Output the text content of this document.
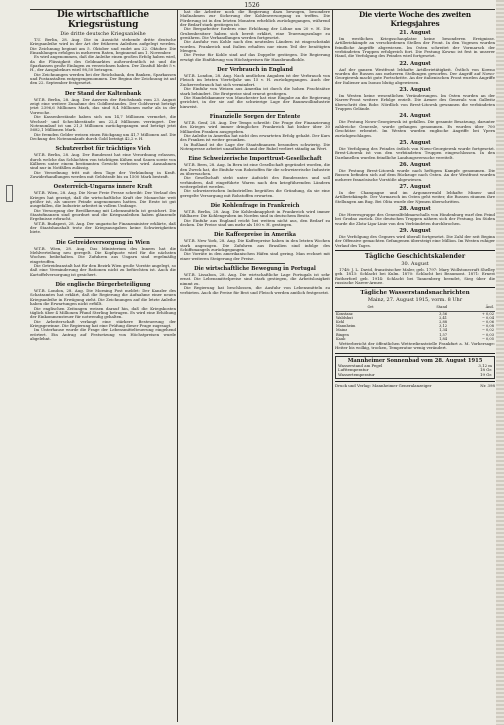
1526
Die wirtschaftliche Kriegsrüstung
Die dritte deutsche Kriegsanleihe

T.U. Berlin, 28. Aug. Die in Aussicht stehende dritte deutsche Kriegsanleihe wird in der Art der früheren Anleihen aufgelegt werden. Die Zeichnung beginnt am 5. Oktober und endet am 22. Oktober. Die Einzahlungen erfolgen in mehreren Raten, beginnend am 1. November.

Es wird angenommen, daß die Anleihe einen großen Erfolg haben wird, da die Flüssigkeit des Geldmarktes außerordentlich ist und die Sparkassen große Einlagen zu verzeichnen haben. Der Zinsfuß bleibt 5 v. H., der Ausgabekurs wird 98,50 betragen.

Die Zeichnungen werden bei der Reichsbank, den Banken, Sparkassen und Postanstalten entgegengenommen. Der Beginn der Zeichnung ist auf den 22. September festgesetzt.

Der Stand der Kaltenbank

W.T.B. Berlin, 28. Aug. Der Ausweis der Reichsbank vom 23. August zeigt eine weitere Zunahme des Goldbestandes. Der Goldvorrat beträgt jetzt 2396,6 Millionen Mark, das sind 8,4 Millionen mehr als in der Vorwoche.

Die Kassenbestände haben sich um 14,7 Millionen vermehrt, die Wechsel- und Scheckbestände um 22,4 Millionen verringert. Der Notenumlauf ist um 21,3 Millionen zurückgegangen und beträgt jetzt 5682,1 Millionen Mark.

Die fremden Gelder weisen einen Rückgang um 41,7 Millionen auf. Die Deckung des Notenumlaufs durch Gold beträgt 42,2 v. H.

Schutzverbot für trächtiges Vieh

W.T.B. Berlin, 28. Aug. Der Bundesrat hat eine Verordnung erlassen, durch welche das Schlachten von trächtigen Kühen und Sauen sowie von Kälbern unter einem bestimmten Gewicht verboten wird. Ausnahmen sind nur in Notfällen zulässig.

Die Verordnung tritt mit dem Tage der Verkündung in Kraft. Zuwiderhandlungen werden mit Geldstrafe bis zu 1500 Mark bestraft.

Oesterreich-Ungarns innere Kraft

W.T.B. Wien, 28. Aug. Die Neue Freie Presse schreibt: Der Verlauf des Krieges hat gezeigt, daß die wirtschaftliche Kraft der Monarchie weit größer ist, als unsere Feinde angenommen hatten. Die Ernte ist gut ausgefallen, die Industrie arbeitet in vollem Umfange.

Die Versorgung der Bevölkerung mit Lebensmitteln ist gesichert. Die Staatsfinanzen sind geordnet und die Kriegsanleihen haben glänzende Ergebnisse erbracht.

W.T.B. Budapest, 28. Aug. Der ungarische Finanzminister erklärte, daß der Staatshaushalt trotz der Kriegsausgaben keine Schwierigkeiten biete.

Die Getreideversorgung in Wien

W.T.B. Wien, 28. Aug. Das Ministerium des Innern hat die Mehlverteilung neu geregelt. Die Kopfquote wird für die nächsten Wochen beibehalten. Die Zufuhren aus Ungarn sind regelmäßig eingetroffen.

Die Getreideanstalt hat für den Bezirk Wien große Vorräte angelegt, so daß eine Verminderung der Rationen nicht zu befürchten ist. Auch die Kartoffelversorgung ist gesichert.

Die englische Bürgerbeteiligung

W.T.B. London, 28. Aug. Die Morning Post meldet: Der Kanzler des Schatzamtes hat erklärt, daß die Regierung die Aufnahme einer neuen Kriegsanleihe in Erwägung zieht. Die Zeichnungen auf die letzte Anleihe haben die Erwartungen nicht erfüllt.

Die englischen Zeitungen weisen darauf hin, daß die Kriegskosten täglich über 4 Millionen Pfund Sterling betragen. Es wird eine Erhöhung der Einkommensteuer für notwendig gehalten.

Die Arbeiterschaft verlangt eine stärkere Besteuerung der Kriegsgewinne. Die Regierung hat eine Prüfung dieser Frage zugesagt.

Im Unterhause wurde die Frage der Lebensmittelteuerung eingehend erörtert. Ein Antrag auf Festsetzung von Höchstpreisen wurde abgelehnt.

hat die Arbeiter noch die Regierung dazu bewogen, besondere Maßnahmen zur Sicherung der Kohlenversorgung zu treffen. Die Förderung ist in den letzten Monaten erheblich zurückgegangen, während der Bedarf stark gestiegen ist.

Die Bergarbeiter fordern eine Erhöhung der Löhne um 20 v. H. Die Grubenbesitzer haben sich bereit erklärt, eine Teuerungszulage zu gewähren. Die Verhandlungen werden fortgesetzt.

Die Ausfuhr von Kohle nach den neutralen Ländern ist eingeschränkt worden. Frankreich und Italien erhalten nur einen Teil der benötigten Mengen.

Die Preise für Kohle sind auf das Doppelte gestiegen. Die Regierung erwägt die Einführung von Höchstpreisen für Hausbrandkohle.

Der Verbrauch in England

W.T.B. London, 28. Aug. Nach amtlichen Angaben ist der Verbrauch von Fleisch im letzten Vierteljahr um 15 v. H. zurückgegangen. Auch der Zuckerverbrauch hat sich vermindert.

Die Einfuhr von Weizen aus Amerika ist durch die hohen Frachtsätze stark behindert. Die Brotpreise sind erneut gestiegen.

Die Handelskammer von Manchester hat eine Eingabe an die Regierung gerichtet, in der sie auf die schwierige Lage der Baumwollindustrie hinweist.

Finanzielle Sorgen der Entente

W.T.B. Genf, 28. Aug. Der Temps schreibt: Die Frage der Finanzierung des Krieges wird immer dringlicher. Frankreich hat bisher über 30 Milliarden Franken ausgegeben.

Die Anleihe in Amerika hat nicht den erwarteten Erfolg gehabt. Der Kurs des Franken ist weiter gesunken.

In Rußland ist die Lage der Staatsfinanzen besonders schwierig. Die Notenpresse arbeitet unaufhörlich und der Rubel verliert ständig an Wert.

Eine Schweizerische Importtrust-Gesellschaft

W.T.B. Bern, 28. Aug. In Bern ist eine Gesellschaft gegründet worden, die den Zweck hat, die Einfuhr von Rohstoffen für die schweizerische Industrie zu überwachen.

Die Gesellschaft steht unter Aufsicht des Bundesrates und soll verhindern, daß eingeführte Waren nach den kriegführenden Ländern weitergeleitet werden.

Die schweizerischen Industriellen begrüßen die Gründung, da sie eine geregelte Versorgung mit Rohstoffen erwarten.

Die Kohlenfrage in Frankreich

W.T.B. Berlin, 28. Aug. Die Kohlenknappheit in Frankreich wird immer fühlbarer. Die Kohlengruben im Norden sind in deutschem Besitz.

Die Einfuhr aus England reicht bei weitem nicht aus, den Bedarf zu decken. Die Preise sind um mehr als 100 v. H. gestiegen.

Die Kaffeepreise in Amerika

W.T.B. New York, 28. Aug. Die Kaffeepreise haben in den letzten Wochen stark angezogen. Die Zufuhren aus Brasilien sind infolge des Schiffsmangels zurückgegangen.

Die Vorräte in den amerikanischen Häfen sind gering. Man rechnet mit einer weiteren Steigerung der Preise.

Die wirtschaftliche Bewegung in Portugal

W.T.B. Lissabon, 28. Aug. Die wirtschaftliche Lage Portugals ist sehr ernst. Die Lebensmittelpreise sind stark gestiegen, die Arbeitslosigkeit nimmt zu.

Die Regierung hat beschlossen, die Ausfuhr von Lebensmitteln zu verbieten. Auch die Preise für Brot und Fleisch werden amtlich festgesetzt.

Die vierte Woche des zweiten Kriegsjahres
21. August

Im westlichen Kriegsschauplatze keine besonderen Ereignisse. Artilleriekämpfe an verschiedenen Stellen der Front. In den Vogesen wurden feindliche Angriffe abgewiesen. Im Osten schreitet der Vormarsch der verbündeten Truppen erfolgreich fort. Die Festung Kowno ist fest in unserer Hand, die Verfolgung des Feindes wird fortgesetzt.

22. August

Auf der ganzen Westfront lebhafte Artillerietätigkeit. Östlich von Kowno wurden die Russen aus mehreren Stellungen geworfen. Der Angriff auf Nowo-Georgiewsk macht gute Fortschritte. An der italienischen Front wurden Angriffe der Italiener am Isonzo blutig abgewiesen.

23. August

Im Westen keine wesentlichen Veränderungen. Im Osten wurden an der Narew-Front weitere Erfolge erzielt. Die Armee des Generals von Gallwitz überschritt den Bobr. Nördlich von Brest-Litowsk gewannen die verbündeten Truppen Gelände.

24. August

Die Festung Nowo-Georgiewsk ist gefallen. Die gesamte Besatzung, darunter zahlreiche Generale, wurde gefangen genommen. Es wurden über 700 Geschütze erbeutet. Im Westen wurden englische Angriffe bei Ypern zurückgeschlagen.

25. August

Die Verfolgung des Feindes östlich von Nowo-Georgiewsk wurde fortgesetzt. Brest-Litowsk ist von den verbündeten Truppen eingeschlossen. In den Dardanellen wurden feindliche Landungsversuche vereitelt.

26. August

Die Festung Brest-Litowsk wurde nach heftigem Kampfe genommen. Die Russen befinden sich auf dem Rückzuge nach Osten. An der Westfront wurden mehrere französische Vorstöße abgewiesen.

27. August

In der Champagne und im Argonnerwald lebhafte Minen- und Artilleriekämpfe. Der Vormarsch im Osten geht weiter, die Russen räumen ihre Stellungen am Bug. Bei Olita wurde der Njemen überschritten.

28. August

Die Heeresgruppe des Generalfeldmarschalls von Hindenburg warf den Feind bei Grodno zurück. Die deutschen Truppen nähern sich der Festung. Im Süden wurde die Zlota-Lipa-Linie von den Verbündeten durchbrochen.

29. August

Die Verfolgung des Gegners wird überall fortgesetzt. Die Zahl der seit Beginn der Offensive gemachten Gefangenen übersteigt eine Million. Im Westen ruhiger Verlauf des Tages.

Tägliche Geschichtskalender
30. August

1748: J. L. David, französischer Maler, geb. 1797: Mary Wollstonecraft Shelley geb. 1813: Schlacht bei Kulm. 1870: Schlacht bei Beaumont. 1871: Ernest Rutherford geb. 1914: Schlacht bei Tannenberg beendet, Sieg über die russische Narew-Armee.

Tägliche Wasserstandsnachrichten
Mainz, 27. August 1915, vorm. 8 Uhr
Ort	Stand	Änd.
Konstanz	3,56	+ 0,02
Waldshut	2,41	− 0,04
Kehl	2,88	− 0,06
Mannheim	3,12	− 0,08
Mainz	1,34	− 0,02
Bingen	1,57	− 0,03
Kaub	1,84	− 0,05

Wetterbericht der öffentlichen Wetterdienststelle Frankfurt a. M. Vorhersage: Heiter bis wolkig, trocken, Temperatur wenig verändert.

Mannheimer Sonnenbad vom 28. August 1915
Wasserstand am Pegel	3,12 m
Lufttemperatur	18 Gr.
Wassertemperatur	19 Gr.
Druck und Verlag: Mannheimer Generalanzeiger	Nr. 398
